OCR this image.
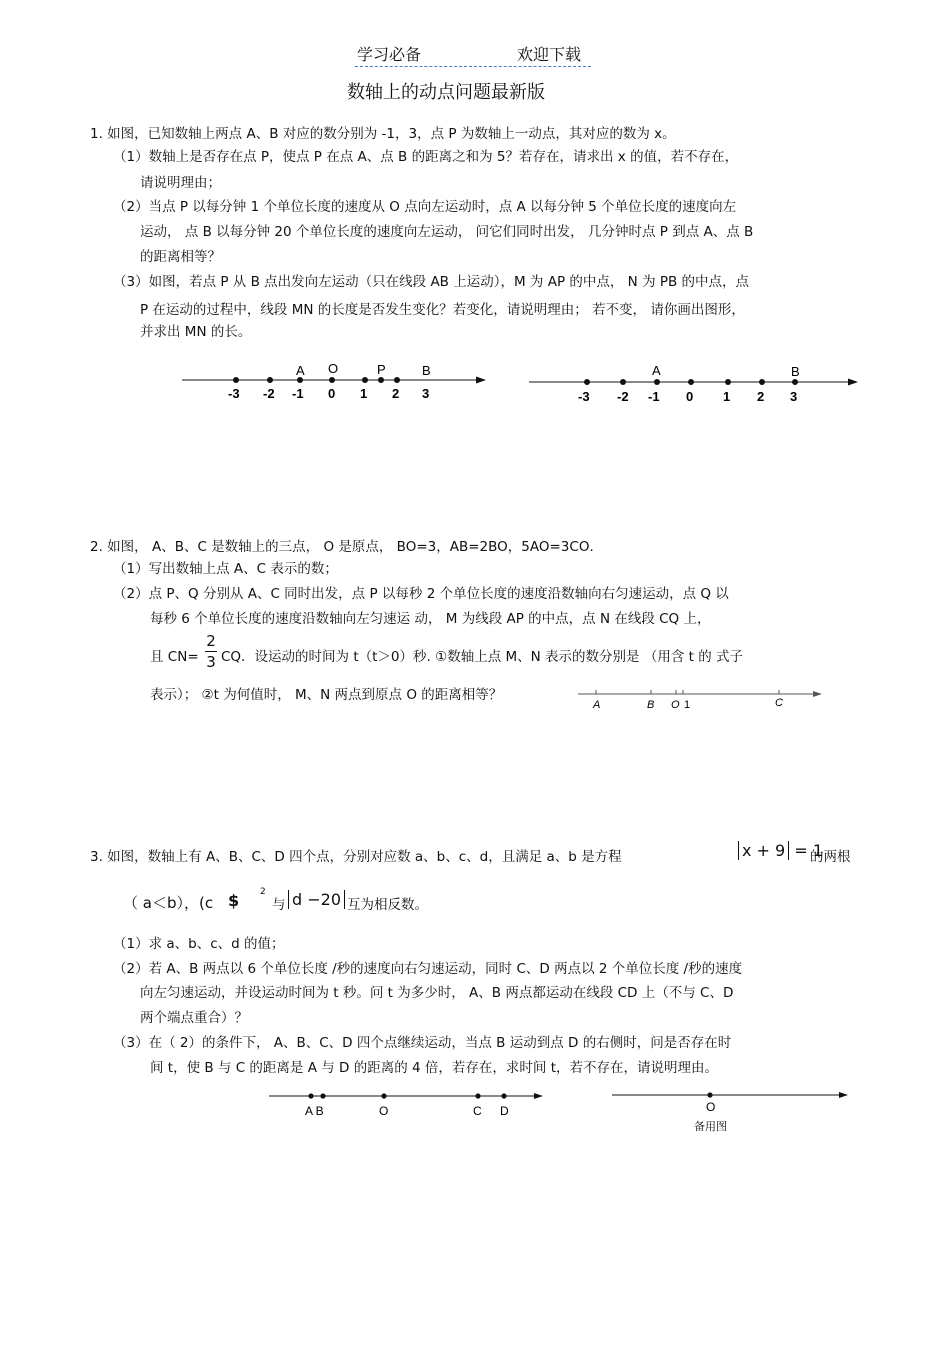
学习必备	欢迎下载
数轴上的动点问题最新版
1. 如图，已知数轴上两点 A、B 对应的数分别为 -1，3，点 P 为数轴上一动点，其对应的数为 x。
（1）数轴上是否存在点 P，使点 P 在点 A、点 B 的距离之和为 5？若存在，请求出 x 的值，若不存在，
请说明理由；
（2）当点 P 以每分钟 1 个单位长度的速度从 O 点向左运动时，点 A 以每分钟 5 个单位长度的速度向左
运动， 点 B 以每分钟 20 个单位长度的速度向左运动， 问它们同时出发， 几分钟时点 P 到点 A、点 B
的距离相等？
（3）如图，若点 P 从 B 点出发向左运动（只在线段 AB 上运动），M 为 AP 的中点， N 为 PB 的中点，点
P 在运动的过程中，线段 MN 的长度是否发生变化？若变化，请说明理由； 若不变， 请你画出图形，
并求出 MN 的长。
A O	P	B
-3 -2 -1 0 1 2 3
A	B
-3 -2 -1 0 1 2 3
2. 如图， A、B、C 是数轴上的三点， O 是原点， BO=3，AB=2BO，5AO=3CO．
（1）写出数轴上点 A、C 表示的数；
（2）点 P、Q 分别从 A、C 同时出发，点 P 以每秒 2 个单位长度的速度沿数轴向右匀速运动，点 Q 以
每秒 6 个单位长度的速度沿数轴向左匀速运 动， M 为线段 AP 的中点，点 N 在线段 CQ 上，
且 CN=
2
3 CQ．设运动的时间为 t（t＞0）秒. ①数轴上点 M、N 表示的数分别是 （用含 t 的 式子
表示）； ②t 为何值时， M、N 两点到原点 O 的距离相等？
A	B O 1	C
3. 如图，数轴上有 A、B、C、D 四个点，分别对应数 a、b、c、d，且满足 a、b 是方程	x + 9 = 1
的两根
（ a＜b），(c $ 2
与 d −20 互为相反数。
（1）求 a、b、c、d 的值；
（2）若 A、B 两点以 6 个单位长度 /秒的速度向右匀速运动，同时 C、D 两点以 2 个单位长度 /秒的速度
向左匀速运动，并设运动时间为 t 秒。问 t 为多少时， A、B 两点都运动在线段 CD 上（不与 C、D
两个端点重合）？
（3）在（ 2）的条件下， A、B、C、D 四个点继续运动，当点 B 运动到点 D 的右侧时，问是否存在时
间 t，使 B 与 C 的距离是 A 与 D 的距离的 4 倍，若存在，求时间 t，若不存在，请说明理由。
A B	O	C D	O
备用图
